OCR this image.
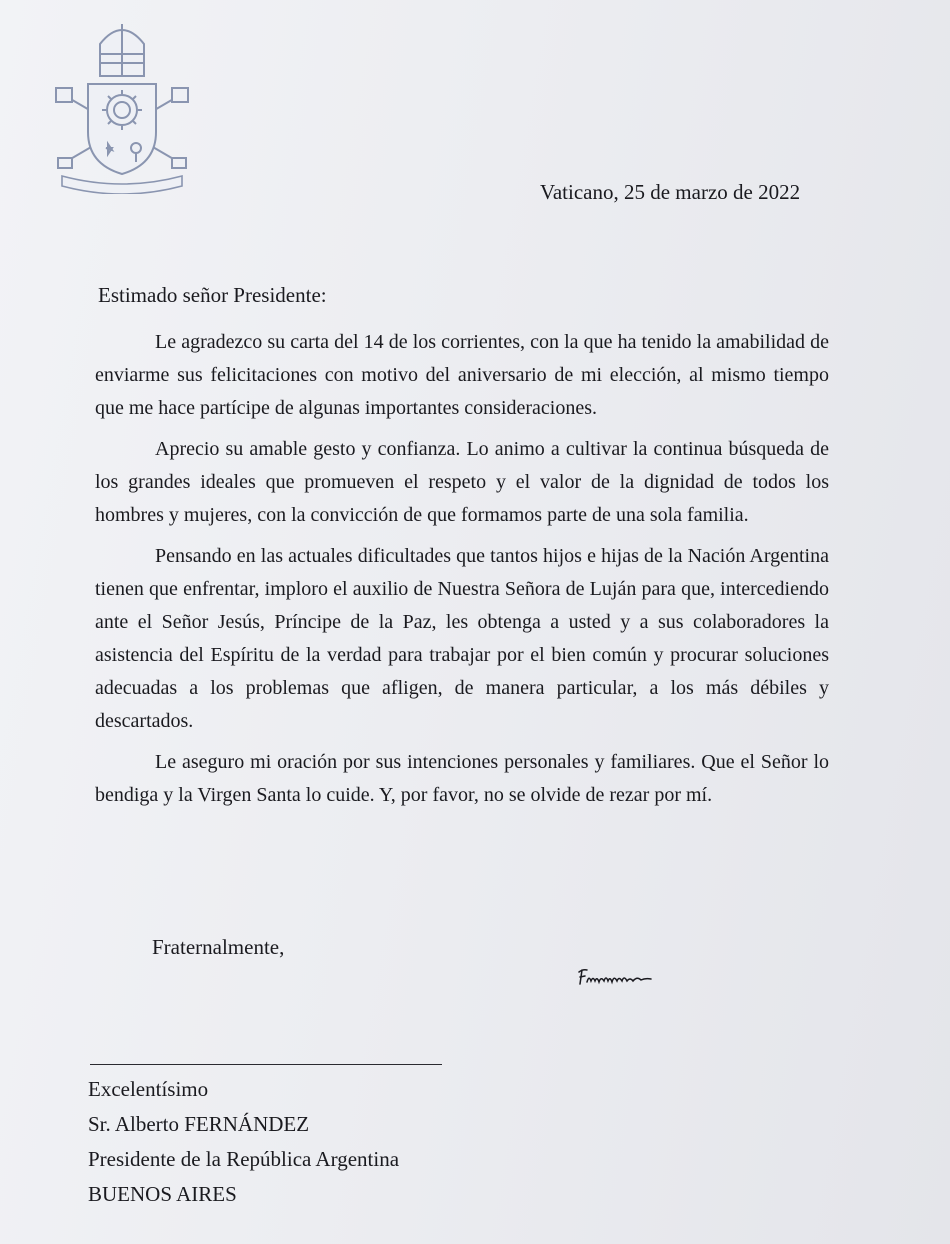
Vaticano, 25 de marzo de 2022
Estimado señor Presidente:

Le agradezco su carta del 14 de los corrientes, con la que ha tenido la amabilidad de enviarme sus felicitaciones con motivo del aniversario de mi elección, al mismo tiempo que me hace partícipe de algunas importantes consideraciones.

Aprecio su amable gesto y confianza. Lo animo a cultivar la continua búsqueda de los grandes ideales que promueven el respeto y el valor de la dignidad de todos los hombres y mujeres, con la convicción de que formamos parte de una sola familia.

Pensando en las actuales dificultades que tantos hijos e hijas de la Nación Argentina tienen que enfrentar, imploro el auxilio de Nuestra Señora de Luján para que, intercediendo ante el Señor Jesús, Príncipe de la Paz, les obtenga a usted y a sus colaboradores la asistencia del Espíritu de la verdad para trabajar por el bien común y procurar soluciones adecuadas a los problemas que afligen, de manera particular, a los más débiles y descartados.

Le aseguro mi oración por sus intenciones personales y familiares. Que el Señor lo bendiga y la Virgen Santa lo cuide. Y, por favor, no se olvide de rezar por mí.

Fraternalmente,
Excelentísimo
Sr. Alberto FERNÁNDEZ
Presidente de la República Argentina
BUENOS AIRES
